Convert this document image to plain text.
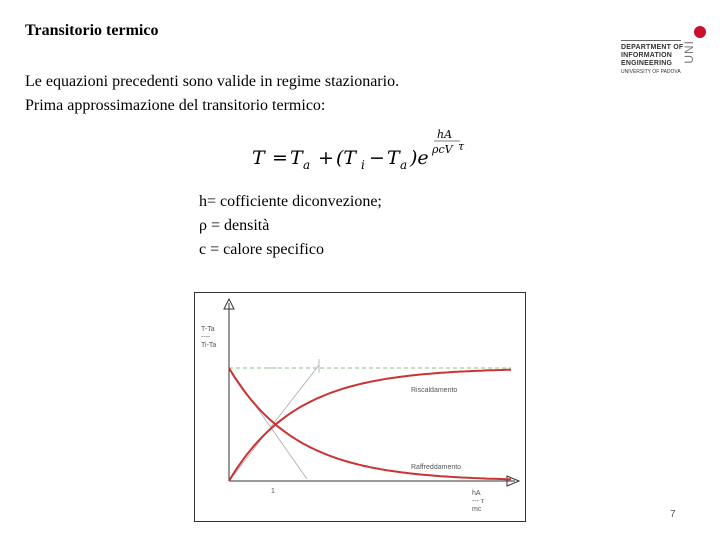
Transitorio termico
Le equazioni precedenti sono valide in regime stazionario.
Prima approssimazione del transitorio termico:
T = T a + (T i − T a )e
hA
ρcV τ
h= cofficiente diconvezione;
ρ = densità
c = calore specifico
DEPARTMENT OF
INFORMATION
ENGINEERING
UNIVERSITY OF PADOVA
UNI
T-Ta
----
Ti-Ta
Riscaldamento
Raffreddamento
1	hA
--- τ
mc	7
